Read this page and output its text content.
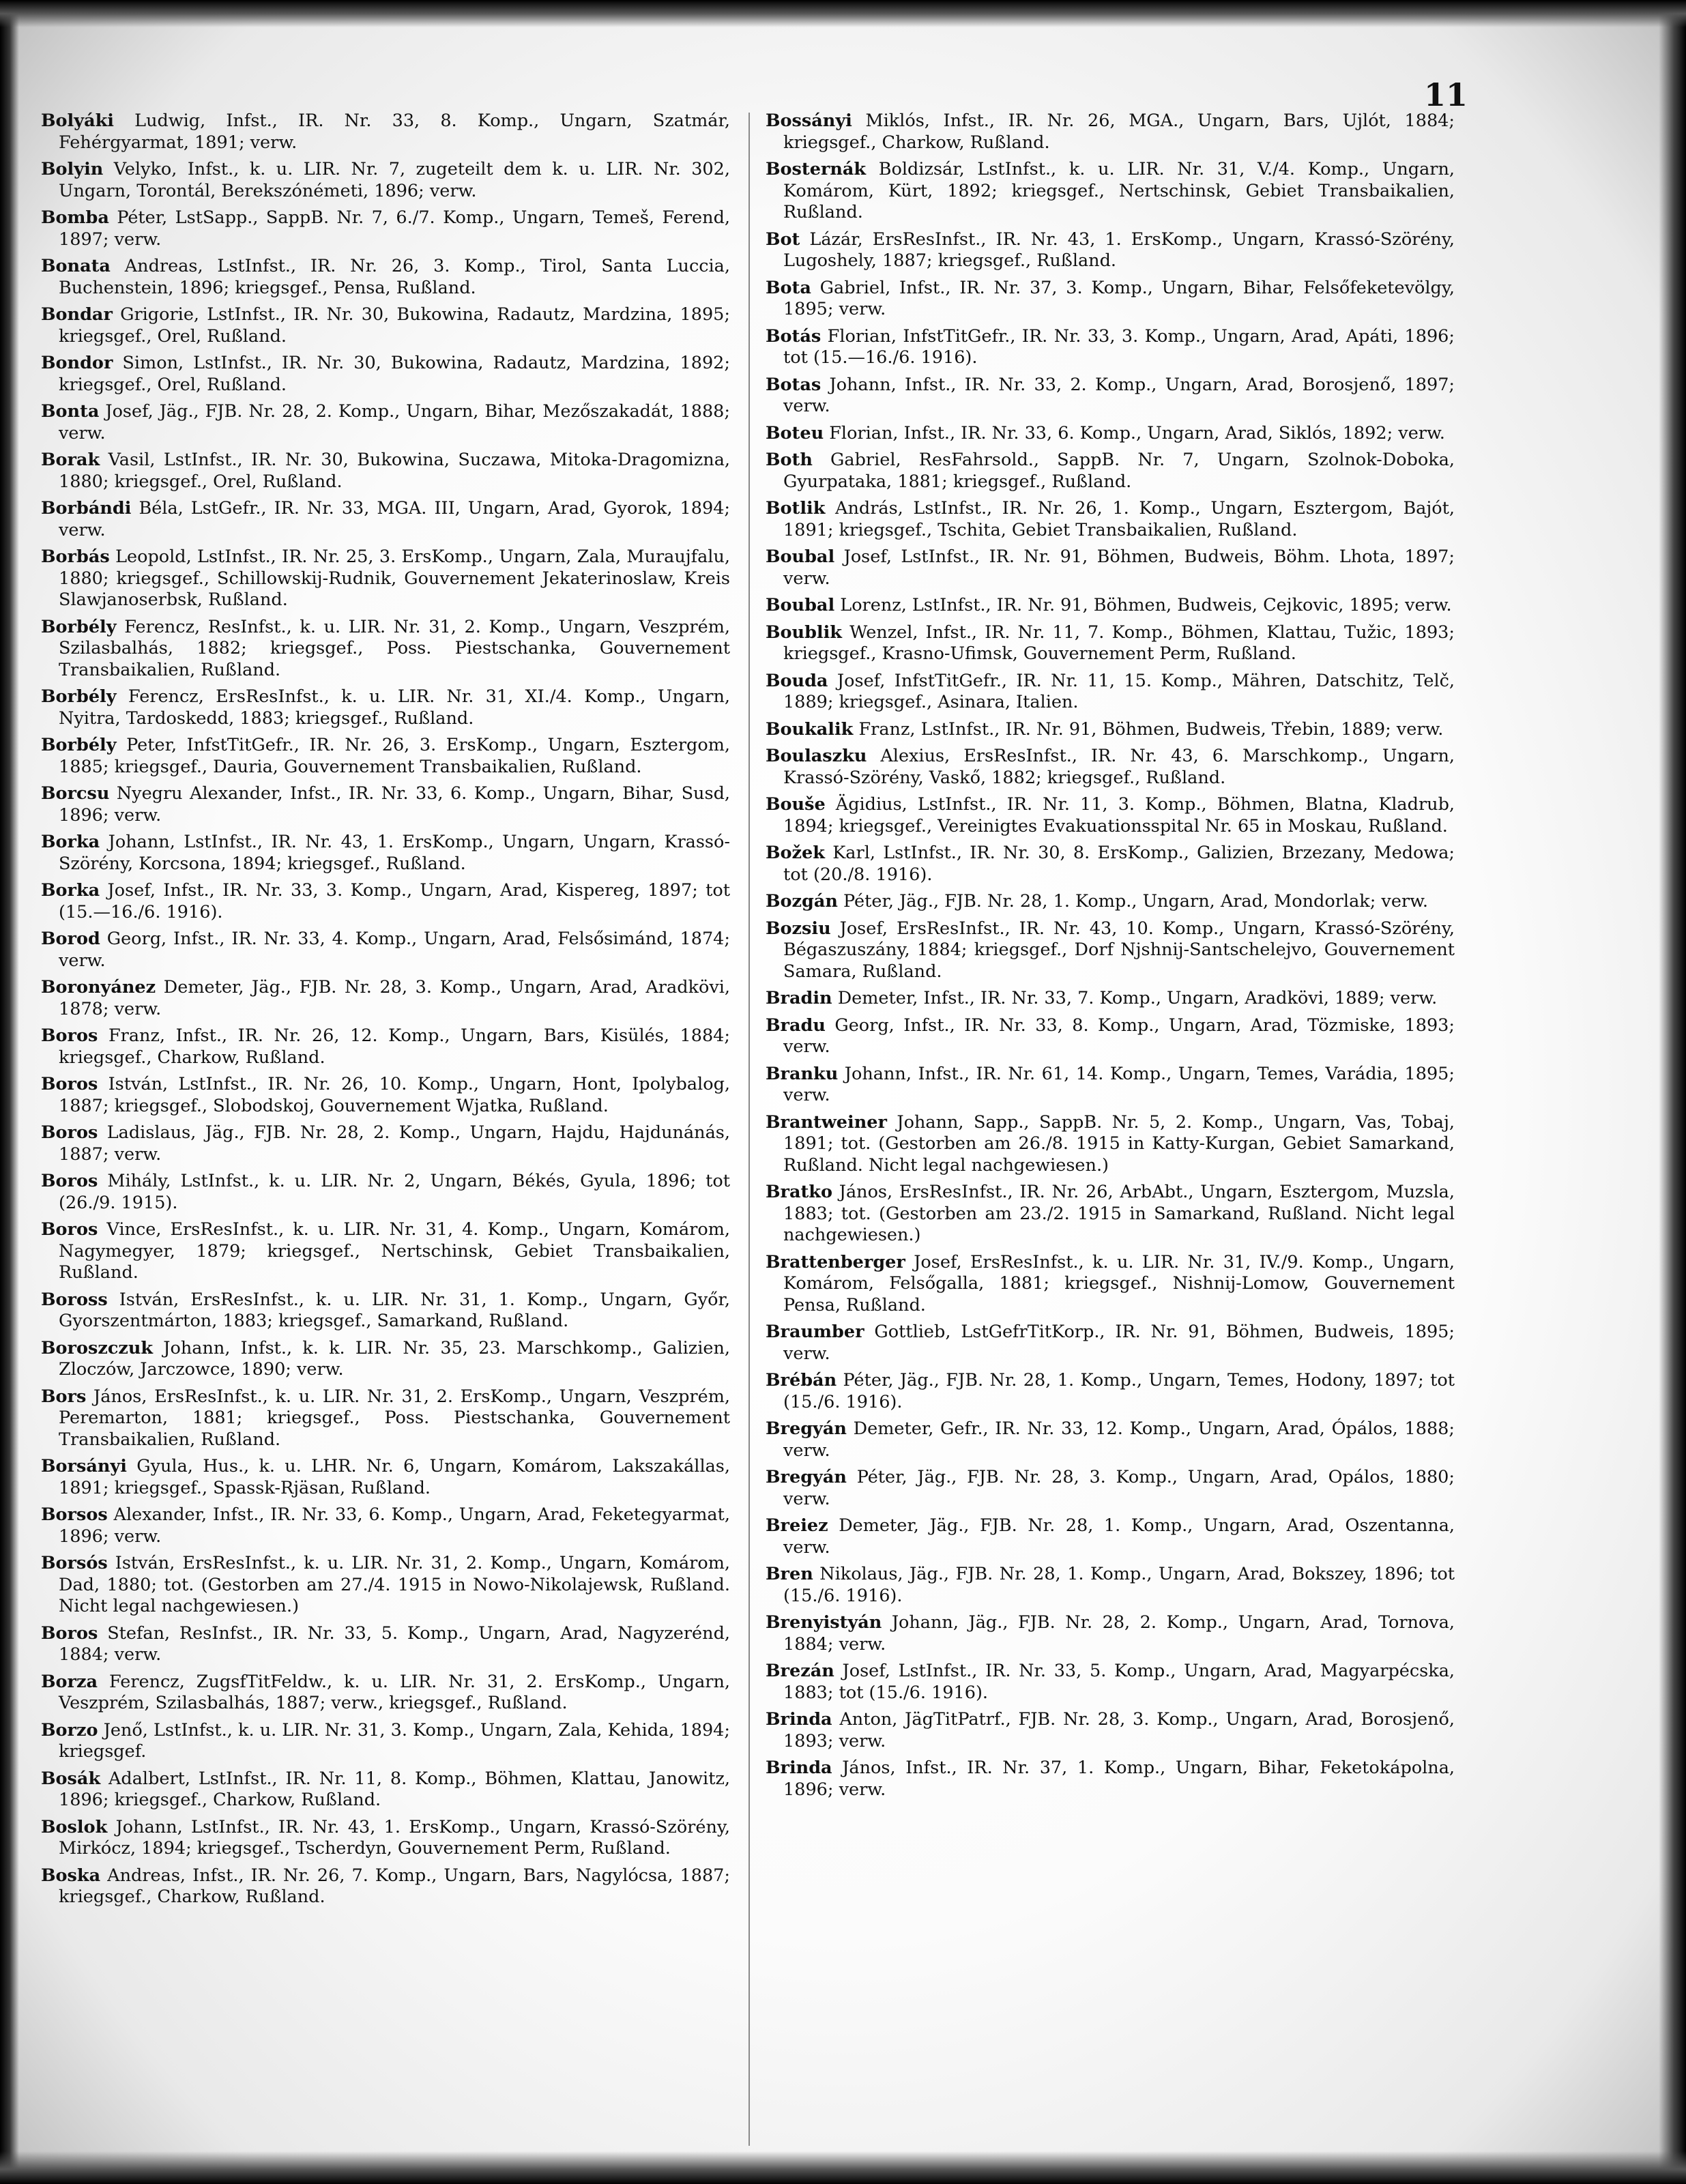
11

Bolyáki Ludwig, Infst., IR. Nr. 33, 8. Komp., Ungarn, Szatmár, Fehérgyarmat, 1891; verw.

Bolyin Velyko, Infst., k. u. LIR. Nr. 7, zugeteilt dem k. u. LIR. Nr. 302, Ungarn, Torontál, Berekszónémeti, 1896; verw.

Bomba Péter, LstSapp., SappB. Nr. 7, 6./7. Komp., Ungarn, Temeš, Ferend, 1897; verw.

Bonata Andreas, LstInfst., IR. Nr. 26, 3. Komp., Tirol, Santa Luccia, Buchenstein, 1896; kriegsgef., Pensa, Rußland.

Bondar Grigorie, LstInfst., IR. Nr. 30, Bukowina, Radautz, Mardzina, 1895; kriegsgef., Orel, Rußland.

Bondor Simon, LstInfst., IR. Nr. 30, Bukowina, Radautz, Mardzina, 1892; kriegsgef., Orel, Rußland.

Bonta Josef, Jäg., FJB. Nr. 28, 2. Komp., Ungarn, Bihar, Mezőszakadát, 1888; verw.

Borak Vasil, LstInfst., IR. Nr. 30, Bukowina, Suczawa, Mitoka-Dragomizna, 1880; kriegsgef., Orel, Rußland.

Borbándi Béla, LstGefr., IR. Nr. 33, MGA. III, Ungarn, Arad, Gyorok, 1894; verw.

Borbás Leopold, LstInfst., IR. Nr. 25, 3. ErsKomp., Ungarn, Zala, Muraujfalu, 1880; kriegsgef., Schillowskij-Rudnik, Gouvernement Jekaterinoslaw, Kreis Slawjanoserbsk, Rußland.

Borbély Ferencz, ResInfst., k. u. LIR. Nr. 31, 2. Komp., Ungarn, Veszprém, Szilasbalhás, 1882; kriegsgef., Poss. Piestschanka, Gouvernement Transbaikalien, Rußland.

Borbély Ferencz, ErsResInfst., k. u. LIR. Nr. 31, XI./4. Komp., Ungarn, Nyitra, Tardoskedd, 1883; kriegsgef., Rußland.

Borbély Peter, InfstTitGefr., IR. Nr. 26, 3. ErsKomp., Ungarn, Esztergom, 1885; kriegsgef., Dauria, Gouvernement Transbaikalien, Rußland.

Borcsu Nyegru Alexander, Infst., IR. Nr. 33, 6. Komp., Ungarn, Bihar, Susd, 1896; verw.

Borka Johann, LstInfst., IR. Nr. 43, 1. ErsKomp., Ungarn, Ungarn, Krassó-Szörény, Korcsona, 1894; kriegsgef., Rußland.

Borka Josef, Infst., IR. Nr. 33, 3. Komp., Ungarn, Arad, Kispereg, 1897; tot (15.—16./6. 1916).

Borod Georg, Infst., IR. Nr. 33, 4. Komp., Ungarn, Arad, Felsősimánd, 1874; verw.

Boronyánez Demeter, Jäg., FJB. Nr. 28, 3. Komp., Ungarn, Arad, Aradkövi, 1878; verw.

Boros Franz, Infst., IR. Nr. 26, 12. Komp., Ungarn, Bars, Kisülés, 1884; kriegsgef., Charkow, Rußland.

Boros István, LstInfst., IR. Nr. 26, 10. Komp., Ungarn, Hont, Ipolybalog, 1887; kriegsgef., Slobodskoj, Gouvernement Wjatka, Rußland.

Boros Ladislaus, Jäg., FJB. Nr. 28, 2. Komp., Ungarn, Hajdu, Hajdunánás, 1887; verw.

Boros Mihály, LstInfst., k. u. LIR. Nr. 2, Ungarn, Békés, Gyula, 1896; tot (26./9. 1915).

Boros Vince, ErsResInfst., k. u. LIR. Nr. 31, 4. Komp., Ungarn, Komárom, Nagymegyer, 1879; kriegsgef., Nertschinsk, Gebiet Transbaikalien, Rußland.

Boross István, ErsResInfst., k. u. LIR. Nr. 31, 1. Komp., Ungarn, Győr, Gyorszentmárton, 1883; kriegsgef., Samarkand, Rußland.

Boroszczuk Johann, Infst., k. k. LIR. Nr. 35, 23. Marschkomp., Galizien, Zloczów, Jarczowce, 1890; verw.

Bors János, ErsResInfst., k. u. LIR. Nr. 31, 2. ErsKomp., Ungarn, Veszprém, Peremarton, 1881; kriegsgef., Poss. Piestschanka, Gouvernement Transbaikalien, Rußland.

Borsányi Gyula, Hus., k. u. LHR. Nr. 6, Ungarn, Komárom, Lakszakállas, 1891; kriegsgef., Spassk-Rjäsan, Rußland.

Borsos Alexander, Infst., IR. Nr. 33, 6. Komp., Ungarn, Arad, Feketegyarmat, 1896; verw.

Borsós István, ErsResInfst., k. u. LIR. Nr. 31, 2. Komp., Ungarn, Komárom, Dad, 1880; tot. (Gestorben am 27./4. 1915 in Nowo-Nikolajewsk, Rußland. Nicht legal nachgewiesen.)

Boros Stefan, ResInfst., IR. Nr. 33, 5. Komp., Ungarn, Arad, Nagyzerénd, 1884; verw.

Borza Ferencz, ZugsfTitFeldw., k. u. LIR. Nr. 31, 2. ErsKomp., Ungarn, Veszprém, Szilasbalhás, 1887; verw., kriegsgef., Rußland.

Borzo Jenő, LstInfst., k. u. LIR. Nr. 31, 3. Komp., Ungarn, Zala, Kehida, 1894; kriegsgef.

Bosák Adalbert, LstInfst., IR. Nr. 11, 8. Komp., Böhmen, Klattau, Janowitz, 1896; kriegsgef., Charkow, Rußland.

Boslok Johann, LstInfst., IR. Nr. 43, 1. ErsKomp., Ungarn, Krassó-Szörény, Mirkócz, 1894; kriegsgef., Tscherdyn, Gouvernement Perm, Rußland.

Boska Andreas, Infst., IR. Nr. 26, 7. Komp., Ungarn, Bars, Nagylócsa, 1887; kriegsgef., Charkow, Rußland.

Bossányi Miklós, Infst., IR. Nr. 26, MGA., Ungarn, Bars, Ujlót, 1884; kriegsgef., Charkow, Rußland.

Bosternák Boldizsár, LstInfst., k. u. LIR. Nr. 31, V./4. Komp., Ungarn, Komárom, Kürt, 1892; kriegsgef., Nertschinsk, Gebiet Transbaikalien, Rußland.

Bot Lázár, ErsResInfst., IR. Nr. 43, 1. ErsKomp., Ungarn, Krassó-Szörény, Lugoshely, 1887; kriegsgef., Rußland.

Bota Gabriel, Infst., IR. Nr. 37, 3. Komp., Ungarn, Bihar, Felsőfeketevölgy, 1895; verw.

Botás Florian, InfstTitGefr., IR. Nr. 33, 3. Komp., Ungarn, Arad, Apáti, 1896; tot (15.—16./6. 1916).

Botas Johann, Infst., IR. Nr. 33, 2. Komp., Ungarn, Arad, Borosjenő, 1897; verw.

Boteu Florian, Infst., IR. Nr. 33, 6. Komp., Ungarn, Arad, Siklós, 1892; verw.

Both Gabriel, ResFahrsold., SappB. Nr. 7, Ungarn, Szolnok-Doboka, Gyurpataka, 1881; kriegsgef., Rußland.

Botlik András, LstInfst., IR. Nr. 26, 1. Komp., Ungarn, Esztergom, Bajót, 1891; kriegsgef., Tschita, Gebiet Transbaikalien, Rußland.

Boubal Josef, LstInfst., IR. Nr. 91, Böhmen, Budweis, Böhm. Lhota, 1897; verw.

Boubal Lorenz, LstInfst., IR. Nr. 91, Böhmen, Budweis, Cejkovic, 1895; verw.

Boublik Wenzel, Infst., IR. Nr. 11, 7. Komp., Böhmen, Klattau, Tužic, 1893; kriegsgef., Krasno-Ufimsk, Gouvernement Perm, Rußland.

Bouda Josef, InfstTitGefr., IR. Nr. 11, 15. Komp., Mähren, Datschitz, Telč, 1889; kriegsgef., Asinara, Italien.

Boukalik Franz, LstInfst., IR. Nr. 91, Böhmen, Budweis, Třebin, 1889; verw.

Boulaszku Alexius, ErsResInfst., IR. Nr. 43, 6. Marschkomp., Ungarn, Krassó-Szörény, Vaskő, 1882; kriegsgef., Rußland.

Bouše Ägidius, LstInfst., IR. Nr. 11, 3. Komp., Böhmen, Blatna, Kladrub, 1894; kriegsgef., Vereinigtes Evakuationsspital Nr. 65 in Moskau, Rußland.

Božek Karl, LstInfst., IR. Nr. 30, 8. ErsKomp., Galizien, Brzezany, Medowa; tot (20./8. 1916).

Bozgán Péter, Jäg., FJB. Nr. 28, 1. Komp., Ungarn, Arad, Mondorlak; verw.

Bozsiu Josef, ErsResInfst., IR. Nr. 43, 10. Komp., Ungarn, Krassó-Szörény, Bégaszuszány, 1884; kriegsgef., Dorf Njshnij-Santschelejvo, Gouvernement Samara, Rußland.

Bradin Demeter, Infst., IR. Nr. 33, 7. Komp., Ungarn, Aradkövi, 1889; verw.

Bradu Georg, Infst., IR. Nr. 33, 8. Komp., Ungarn, Arad, Tözmiske, 1893; verw.

Branku Johann, Infst., IR. Nr. 61, 14. Komp., Ungarn, Temes, Varádia, 1895; verw.

Brantweiner Johann, Sapp., SappB. Nr. 5, 2. Komp., Ungarn, Vas, Tobaj, 1891; tot. (Gestorben am 26./8. 1915 in Katty-Kurgan, Gebiet Samarkand, Rußland. Nicht legal nachgewiesen.)

Bratko János, ErsResInfst., IR. Nr. 26, ArbAbt., Ungarn, Esztergom, Muzsla, 1883; tot. (Gestorben am 23./2. 1915 in Samarkand, Rußland. Nicht legal nachgewiesen.)

Brattenberger Josef, ErsResInfst., k. u. LIR. Nr. 31, IV./9. Komp., Ungarn, Komárom, Felsőgalla, 1881; kriegsgef., Nishnij-Lomow, Gouvernement Pensa, Rußland.

Braumber Gottlieb, LstGefrTitKorp., IR. Nr. 91, Böhmen, Budweis, 1895; verw.

Brébán Péter, Jäg., FJB. Nr. 28, 1. Komp., Ungarn, Temes, Hodony, 1897; tot (15./6. 1916).

Bregyán Demeter, Gefr., IR. Nr. 33, 12. Komp., Ungarn, Arad, Ópálos, 1888; verw.

Bregyán Péter, Jäg., FJB. Nr. 28, 3. Komp., Ungarn, Arad, Opálos, 1880; verw.

Breiez Demeter, Jäg., FJB. Nr. 28, 1. Komp., Ungarn, Arad, Oszentanna, verw.

Bren Nikolaus, Jäg., FJB. Nr. 28, 1. Komp., Ungarn, Arad, Bokszey, 1896; tot (15./6. 1916).

Brenyistyán Johann, Jäg., FJB. Nr. 28, 2. Komp., Ungarn, Arad, Tornova, 1884; verw.

Brezán Josef, LstInfst., IR. Nr. 33, 5. Komp., Ungarn, Arad, Magyarpécska, 1883; tot (15./6. 1916).

Brinda Anton, JägTitPatrf., FJB. Nr. 28, 3. Komp., Ungarn, Arad, Borosjenő, 1893; verw.

Brinda János, Infst., IR. Nr. 37, 1. Komp., Ungarn, Bihar, Feketokápolna, 1896; verw.
